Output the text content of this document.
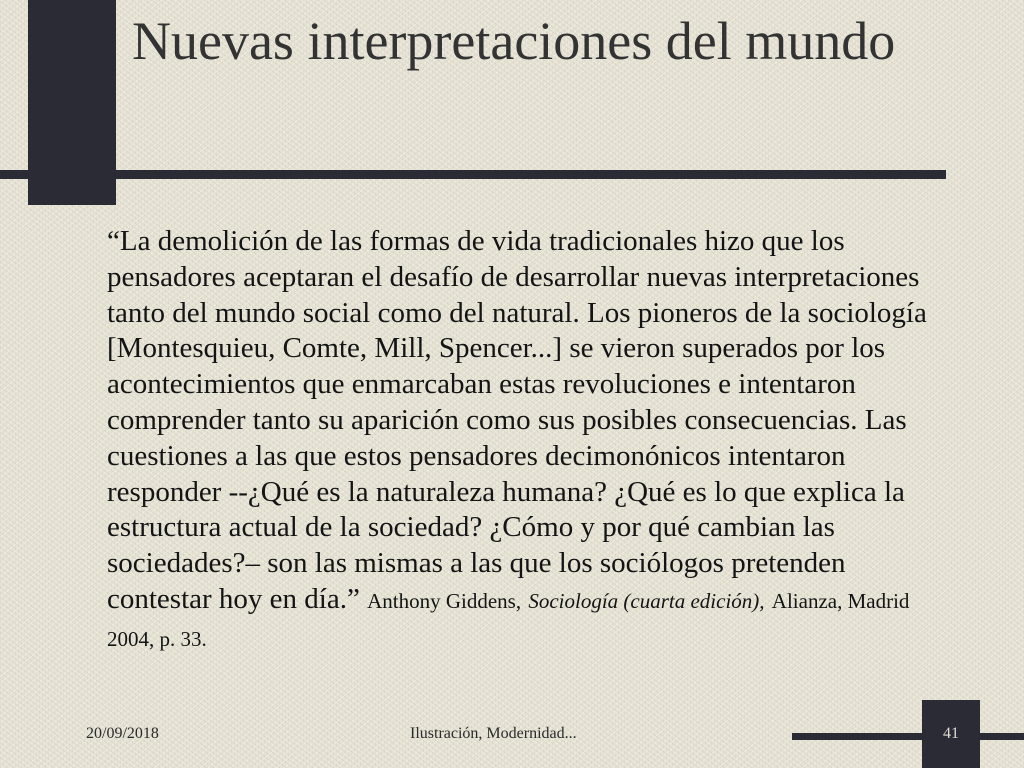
Nuevas interpretaciones del mundo

“La demolición de las formas de vida tradicionales hizo que los pensadores aceptaran el desafío de desarrollar nuevas interpretaciones tanto del mundo social como del natural. Los pioneros de la sociología [Montesquieu, Comte, Mill, Spencer...] se vieron superados por los acontecimientos que enmarcaban estas revoluciones e intentaron comprender tanto su aparición como sus posibles consecuencias. Las cuestiones a las que estos pensadores decimonónicos intentaron responder --¿Qué es la naturaleza humana? ¿Qué es lo que explica la estructura actual de la sociedad? ¿Cómo y por qué cambian las sociedades?– son las mismas a las que los sociólogos pretenden contestar hoy en día.” Anthony Giddens, Sociología (cuarta edición), Alianza, Madrid 2004, p. 33.

20/09/2018	Ilustración, Modernidad...	41
